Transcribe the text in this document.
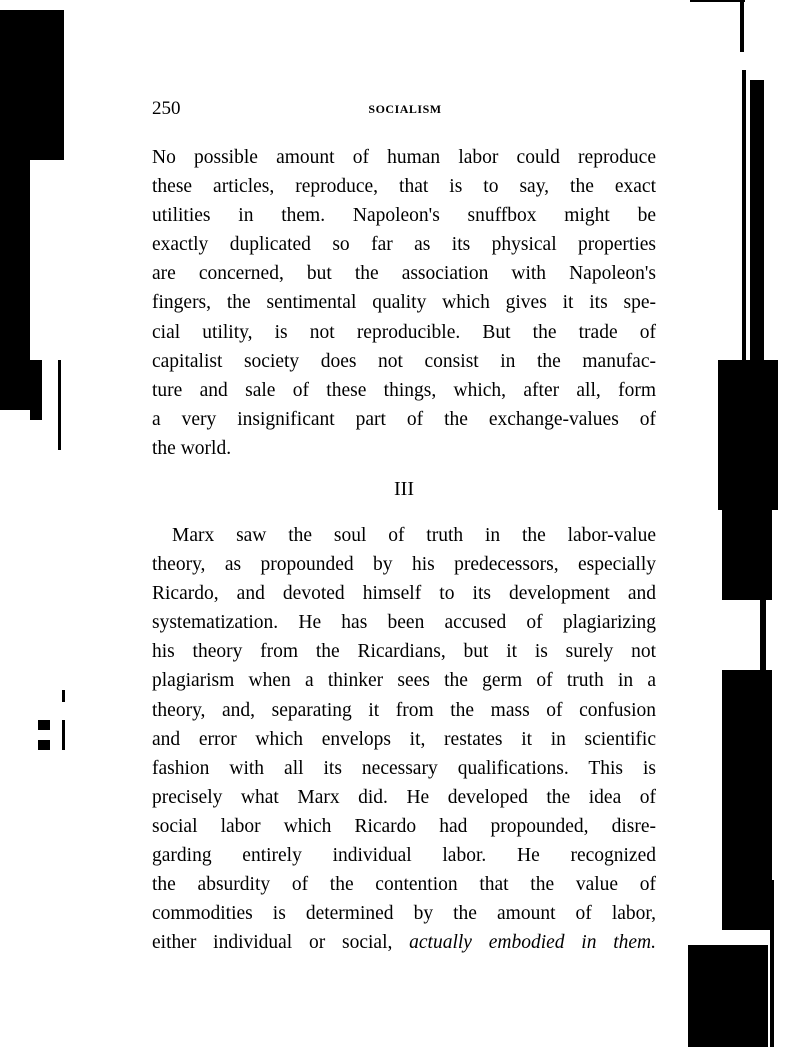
250	SOCIALISM
No possible amount of human labor could reproduce
these articles, reproduce, that is to say, the exact
utilities in them. Napoleon's snuffbox might be
exactly duplicated so far as its physical properties
are concerned, but the association with Napoleon's
fingers, the sentimental quality which gives it its spe-
cial utility, is not reproducible. But the trade of
capitalist society does not consist in the manufac-
ture and sale of these things, which, after all, form
a very insignificant part of the exchange-values of
the world.
III
Marx saw the soul of truth in the labor-value
theory, as propounded by his predecessors, especially
Ricardo, and devoted himself to its development and
systematization. He has been accused of plagiarizing
his theory from the Ricardians, but it is surely not
plagiarism when a thinker sees the germ of truth in a
theory, and, separating it from the mass of confusion
and error which envelops it, restates it in scientific
fashion with all its necessary qualifications. This is
precisely what Marx did. He developed the idea of
social labor which Ricardo had propounded, disre-
garding entirely individual labor. He recognized
the absurdity of the contention that the value of
commodities is determined by the amount of labor,
either individual or social, actually embodied in them.
